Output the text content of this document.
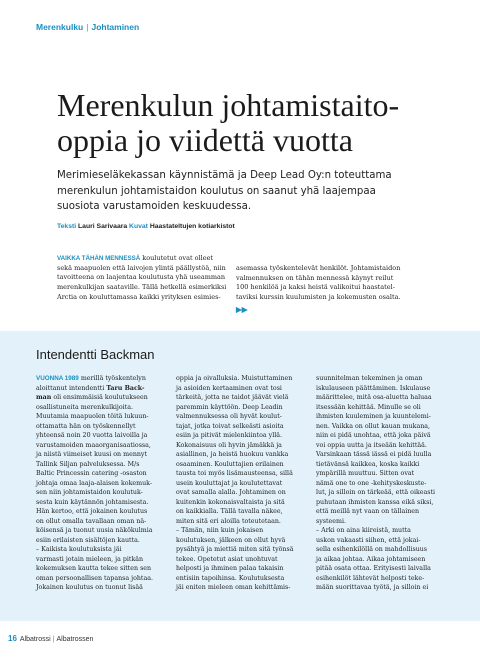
Merenkulku | Johtaminen
Merenkulun johtamistaito-
oppia jo viidettä vuotta
Merimieseläkekassan käynnistämä ja Deep Lead Oy:n toteuttama
merenkulun johtamistaidon koulutus on saanut yhä laajempaa
suosiota varustamoiden keskuudessa.
Teksti Lauri Sarivaara Kuvat Haastateltujen kotiarkistot
VAIKKA TÄHÄN MENNESSÄ koulutetut ovat olleet
sekä maapuolen että laivojen ylintä päällystöä, niin
tavoitteena on laajentaa koulutusta yhä useamman
merenkulkijan saataville. Tällä hetkellä esimerkiksi
Arctia on kouluttamassa kaikki yrityksen esimies-
asemassa työskentelevät henkilöt. Johtamistaidon
valmennuksen on tähän mennessä käynyt reilut
100 henkilöä ja kaksi heistä valikoitui haastatel-
taviksi kurssin kuulumisten ja kokemusten osalta.
▶▶
Intendentti Backman
VUONNA 1989 merillä työskentelyn
aloittanut intendentti Taru Back-
man oli ensimmäisiä koulutukseen
osallistuneita merenkulkijoita.
Muutamia maapuolen töitä lukuun-
ottamatta hän on työskennellyt
yhteensä noin 20 vuotta laivoilla ja
varustamoiden maaorganisaatiossa,
ja niistä viimeiset kuusi on mennyt
Tallink Siljan palveluksessa. M/s
Baltic Princessin catering -osaston
johtaja omaa laaja-alaisen kokemuk-
sen niin johtamistaidon koulutuk-
sesta kuin käytännön johtamisesta.
Hän kertoo, että jokainen koulutus
on ollut omalla tavallaan oman nä-
köisensä ja tuonut uusia näkökulmia
esiin erilaisten sisältöjen kautta.
– Kaikista koulutuksista jäi
varmasti jotain mieleen, ja pitkän
kokemuksen kautta tekee sitten sen
oman persoonallisen tapansa johtaa.
Jokainen koulutus on tuonut lisää
oppia ja oivalluksia. Muistuttaminen
ja asioiden kertaaminen ovat tosi
tärkeitä, jotta ne taidot jäävät vielä
paremmin käyttöön. Deep Leadin
valmennuksessa oli hyvät koulut-
tajat, jotka toivat selkeästi asioita
esiin ja pitivät mielenkiintoa yllä.
Kokonaisuus oli hyvin jämäkkä ja
asiallinen, ja heistä huokuu vankka
osaaminen. Kouluttajien erilainen
tausta toi myös lisämausteensa, sillä
usein kouluttajat ja koulutettavat
ovat samalla alalla. Johtaminen on
kuitenkin kokonaisvaltaista ja sitä
on kaikkialla. Tällä tavalla näkee,
miten sitä eri aloilla toteutetaan.
– Tämän, niin kuin jokaisen
koulutuksen, jälkeen on ollut hyvä
pysähtyä ja miettiä miten sitä työnsä
tekee. Opetetut asiat unohtuvat
helposti ja ihminen palaa takaisin
entisiin tapoihinsa. Koulutuksesta
jäi eniten mieleen oman kehittämis-
suunnitelman tekeminen ja oman
iskulauseen päättäminen. Iskulause
määrittelee, mitä osa-aluetta haluaa
itsessään kehittää. Minulle se oli
ihmisten kuuleminen ja kuuntelemi-
nen. Vaikka on ollut kauan mukana,
niin ei pidä unohtaa, että joka päivä
voi oppia uutta ja itseään kehittää.
Varsinkaan tässä iässä ei pidä luulla
tietävänsä kaikkea, koska kaikki
ympärillä muuttuu. Sitten ovat
nämä one to one -kehityskeskuste-
lut, ja silloin on tärkeää, että oikeasti
puhutaan ihmisten kanssa eikä siksi,
että meillä nyt vaan on tällainen
systeemi.
– Arki on aina kiireistä, mutta
uskon vakaasti siihen, että jokai-
sella esihenkilöllä on mahdollisuus
ja aikaa johtaa. Aikaa johtamiseen
pitää osata ottaa. Erityisesti laivalla
esihenkilöt lähtevät helposti teke-
mään suorittavaa työtä, ja silloin ei
16 Albatrossi | Albatrossen
